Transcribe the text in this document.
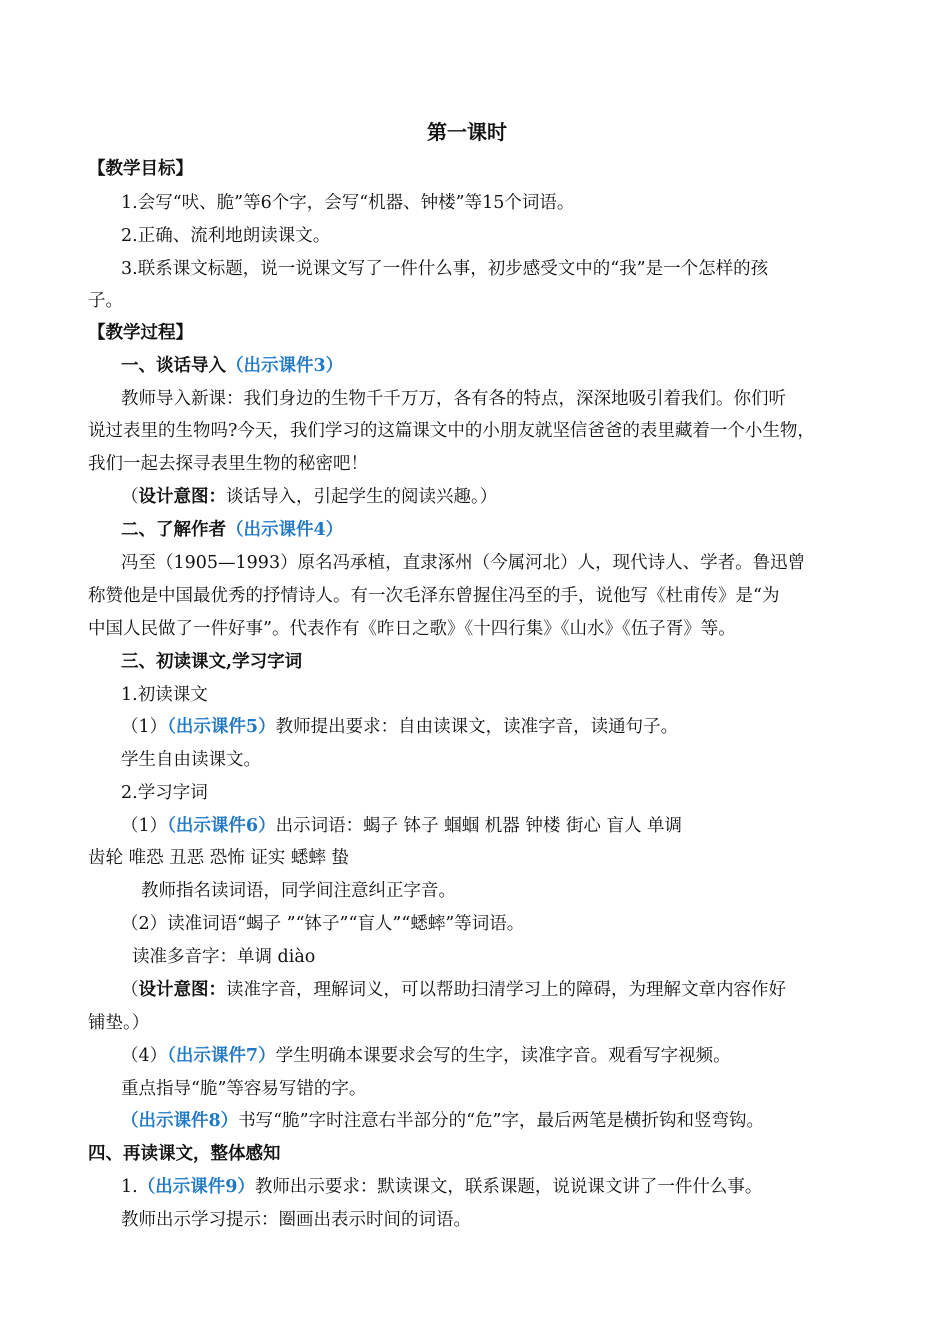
第一课时
【教学目标】
1.会写“吠、脆”等6个字，会写“机器、钟楼”等15个词语。
2.正确、流利地朗读课文。
3.联系课文标题，说一说课文写了一件什么事，初步感受文中的“我”是一个怎样的孩
子。
【教学过程】
一、谈话导入（出示课件3）
教师导入新课：我们身边的生物千千万万，各有各的特点，深深地吸引着我们。你们听
说过表里的生物吗?今天，我们学习的这篇课文中的小朋友就坚信爸爸的表里藏着一个小生物，
我们一起去探寻表里生物的秘密吧！
（设计意图：谈话导入，引起学生的阅读兴趣。）
二、了解作者（出示课件4）
冯至（1905—1993）原名冯承植，直隶涿州（今属河北）人，现代诗人、学者。鲁迅曾
称赞他是中国最优秀的抒情诗人。有一次毛泽东曾握住冯至的手，说他写《杜甫传》是“为
中国人民做了一件好事”。代表作有《昨日之歌》《十四行集》《山水》《伍子胥》等。
三、初读课文,学习字词
1.初读课文
（1）（出示课件5）教师提出要求：自由读课文，读准字音，读通句子。
学生自由读课文。
2.学习字词
（1）（出示课件6）出示词语：蝎子 钵子 蝈蝈 机器 钟楼 街心 盲人 单调
齿轮 唯恐 丑恶 恐怖 证实 蟋蟀 蛰
教师指名读词语，同学间注意纠正字音。
（2）读准词语“蝎子 ”“钵子”“盲人”“蟋蟀”等词语。
读准多音字：单调 diào
（设计意图：读准字音，理解词义，可以帮助扫清学习上的障碍，为理解文章内容作好
铺垫。）
（4）（出示课件7）学生明确本课要求会写的生字，读准字音。观看写字视频。
重点指导“脆”等容易写错的字。
（出示课件8）书写“脆”字时注意右半部分的“危”字，最后两笔是横折钩和竖弯钩。
四、再读课文，整体感知
1.（出示课件9）教师出示要求：默读课文，联系课题，说说课文讲了一件什么事。
教师出示学习提示：圈画出表示时间的词语。
